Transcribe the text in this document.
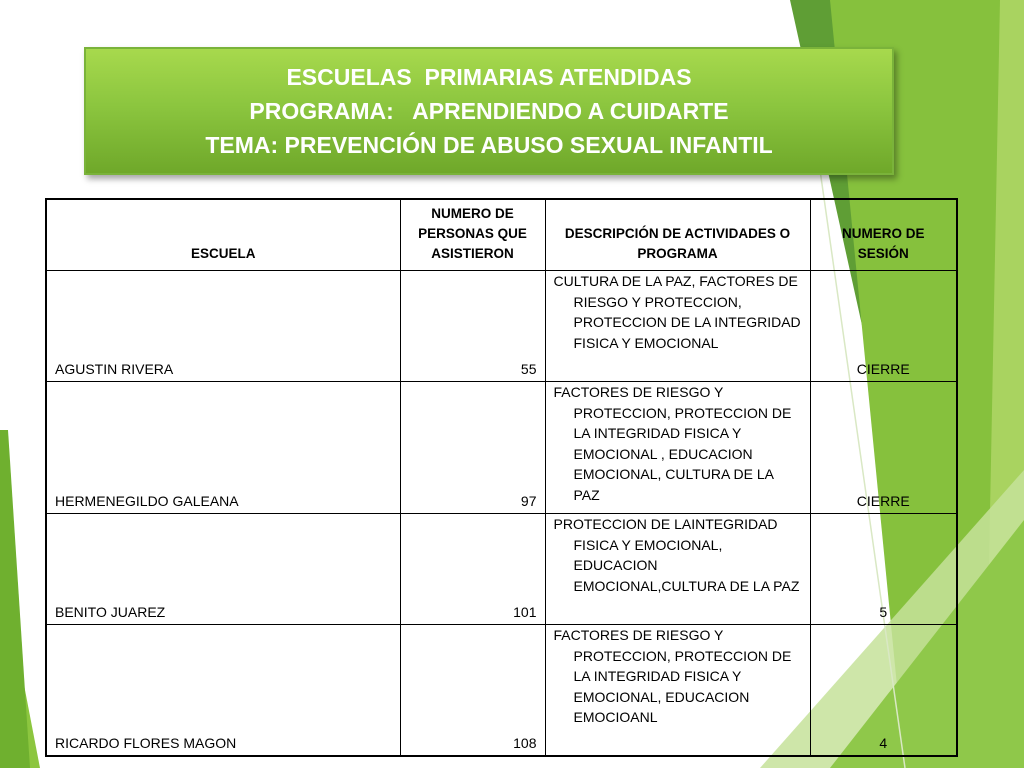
ESCUELAS  PRIMARIAS ATENDIDAS
PROGRAMA:   APRENDIENDO A CUIDARTE
TEMA: PREVENCIÓN DE ABUSO SEXUAL INFANTIL
ESCUELA	NUMERO DE PERSONAS QUE ASISTIERON	DESCRIPCIÓN DE ACTIVIDADES O PROGRAMA	NUMERO DE SESIÓN
AGUSTIN RIVERA	55	CULTURA DE LA PAZ, FACTORES DE RIESGO Y PROTECCION, PROTECCION DE LA INTEGRIDAD FISICA Y EMOCIONAL	CIERRE
HERMENEGILDO GALEANA	97	FACTORES DE RIESGO Y PROTECCION, PROTECCION DE LA INTEGRIDAD FISICA Y EMOCIONAL , EDUCACION EMOCIONAL, CULTURA DE LA PAZ	CIERRE
BENITO JUAREZ	101	PROTECCION DE LAINTEGRIDAD FISICA Y EMOCIONAL, EDUCACION EMOCIONAL,CULTURA DE LA PAZ	5
RICARDO FLORES MAGON	108	FACTORES DE RIESGO Y PROTECCION, PROTECCION DE LA INTEGRIDAD FISICA Y EMOCIONAL, EDUCACION EMOCIOANL	4
